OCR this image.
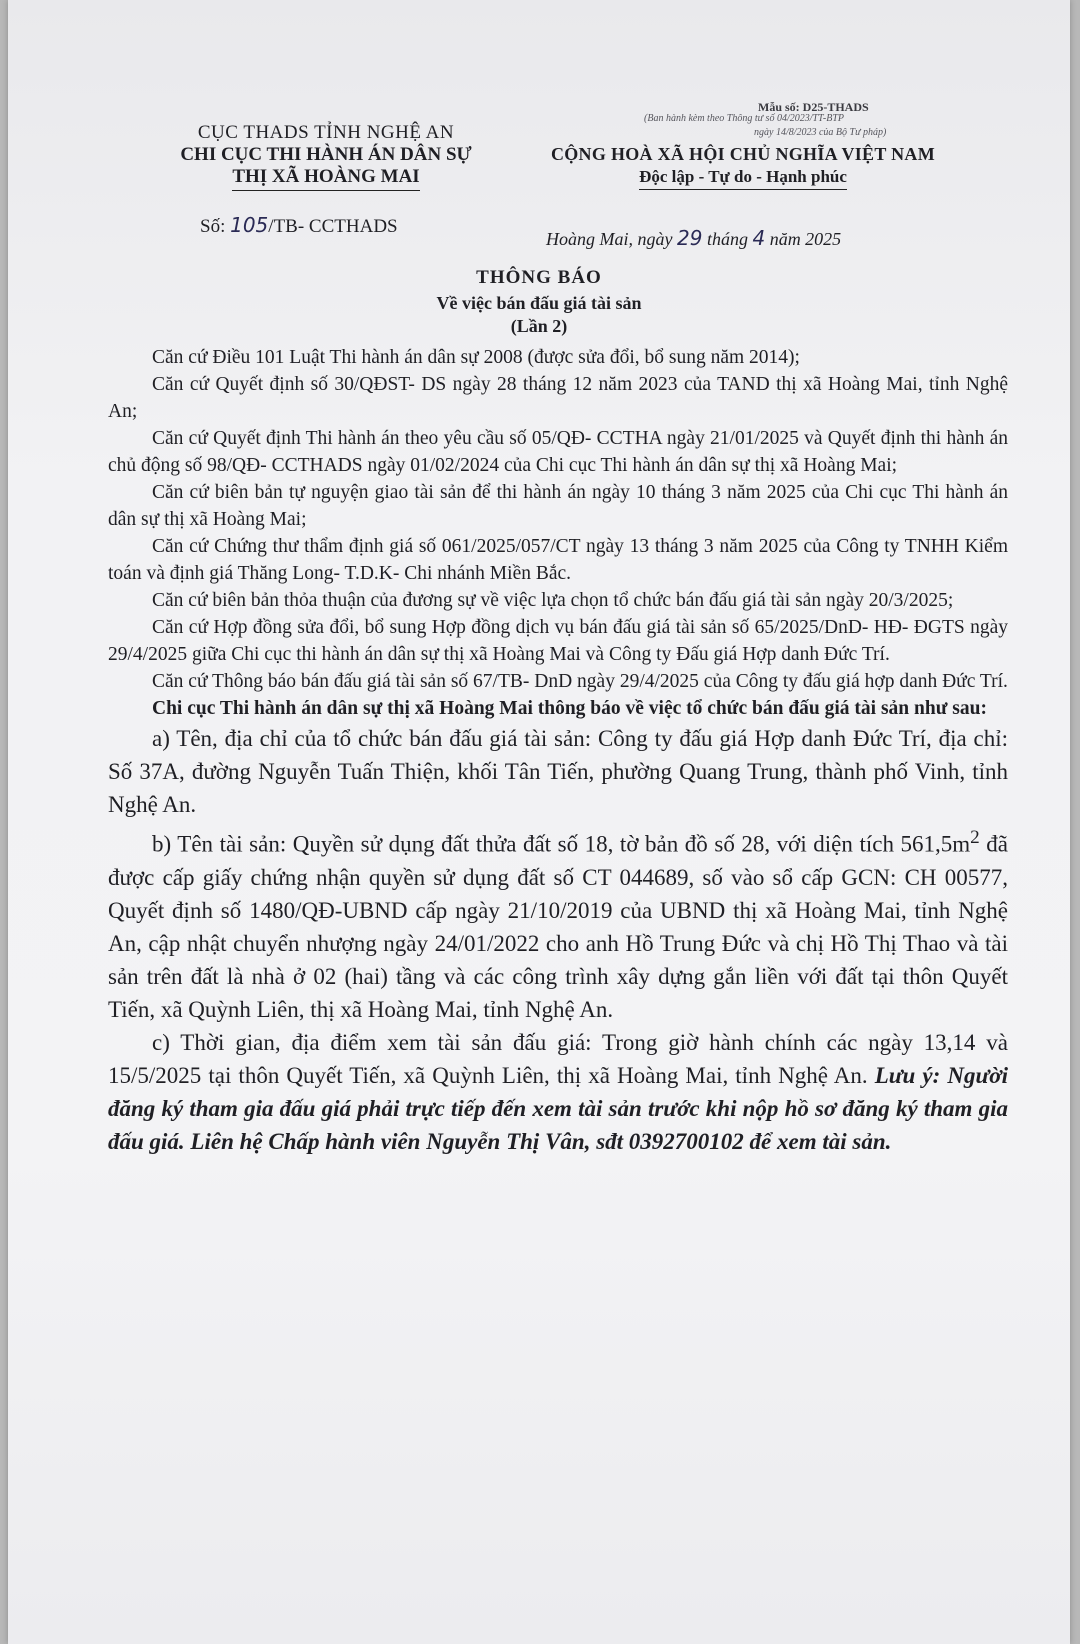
Mẫu số: D25-THADS
(Ban hành kèm theo Thông tư số 04/2023/TT-BTP
ngày 14/8/2023 của Bộ Tư pháp)
CỤC THADS TỈNH NGHỆ AN
CHI CỤC THI HÀNH ÁN DÂN SỰ
THỊ XÃ HOÀNG MAI
CỘNG HOÀ XÃ HỘI CHỦ NGHĨA VIỆT NAM
Độc lập - Tự do - Hạnh phúc
Số: 105/TB- CCTHADS
Hoàng Mai, ngày 29 tháng 4 năm 2025
THÔNG BÁO
Về việc bán đấu giá tài sản
(Lần 2)

Căn cứ Điều 101 Luật Thi hành án dân sự 2008 (được sửa đổi, bổ sung năm 2014);

Căn cứ Quyết định số 30/QĐST- DS ngày 28 tháng 12 năm 2023 của TAND thị xã Hoàng Mai, tỉnh Nghệ An;

Căn cứ Quyết định Thi hành án theo yêu cầu số 05/QĐ- CCTHA ngày 21/01/2025 và Quyết định thi hành án chủ động số 98/QĐ- CCTHADS ngày 01/02/2024 của Chi cục Thi hành án dân sự thị xã Hoàng Mai;

Căn cứ biên bản tự nguyện giao tài sản để thi hành án ngày 10 tháng 3 năm 2025 của Chi cục Thi hành án dân sự thị xã Hoàng Mai;

Căn cứ Chứng thư thẩm định giá số 061/2025/057/CT ngày 13 tháng 3 năm 2025 của Công ty TNHH Kiểm toán và định giá Thăng Long- T.D.K- Chi nhánh Miền Bắc.

Căn cứ biên bản thỏa thuận của đương sự về việc lựa chọn tổ chức bán đấu giá tài sản ngày 20/3/2025;

Căn cứ Hợp đồng sửa đổi, bổ sung Hợp đồng dịch vụ bán đấu giá tài sản số 65/2025/DnD- HĐ- ĐGTS ngày 29/4/2025 giữa Chi cục thi hành án dân sự thị xã Hoàng Mai và Công ty Đấu giá Hợp danh Đức Trí.

Căn cứ Thông báo bán đấu giá tài sản số 67/TB- DnD ngày 29/4/2025 của Công ty đấu giá hợp danh Đức Trí.

Chi cục Thi hành án dân sự thị xã Hoàng Mai thông báo về việc tổ chức bán đấu giá tài sản như sau:

a) Tên, địa chỉ của tổ chức bán đấu giá tài sản: Công ty đấu giá Hợp danh Đức Trí, địa chỉ: Số 37A, đường Nguyễn Tuấn Thiện, khối Tân Tiến, phường Quang Trung, thành phố Vinh, tỉnh Nghệ An.

b) Tên tài sản: Quyền sử dụng đất thửa đất số 18, tờ bản đồ số 28, với diện tích $561,5m^2$ đã được cấp giấy chứng nhận quyền sử dụng đất số CT 044689, số vào sổ cấp GCN: CH 00577, Quyết định số 1480/QĐ-UBND cấp ngày 21/10/2019 của UBND thị xã Hoàng Mai, tỉnh Nghệ An, cập nhật chuyển nhượng ngày 24/01/2022 cho anh Hồ Trung Đức và chị Hồ Thị Thao và tài sản trên đất là nhà ở 02 (hai) tầng và các công trình xây dựng gắn liền với đất tại thôn Quyết Tiến, xã Quỳnh Liên, thị xã Hoàng Mai, tỉnh Nghệ An.

c) Thời gian, địa điểm xem tài sản đấu giá: Trong giờ hành chính các ngày 13,14 và 15/5/2025 tại thôn Quyết Tiến, xã Quỳnh Liên, thị xã Hoàng Mai, tỉnh Nghệ An. Lưu ý: Người đăng ký tham gia đấu giá phải trực tiếp đến xem tài sản trước khi nộp hồ sơ đăng ký tham gia đấu giá. Liên hệ Chấp hành viên Nguyễn Thị Vân, sđt 0392700102 để xem tài sản.
